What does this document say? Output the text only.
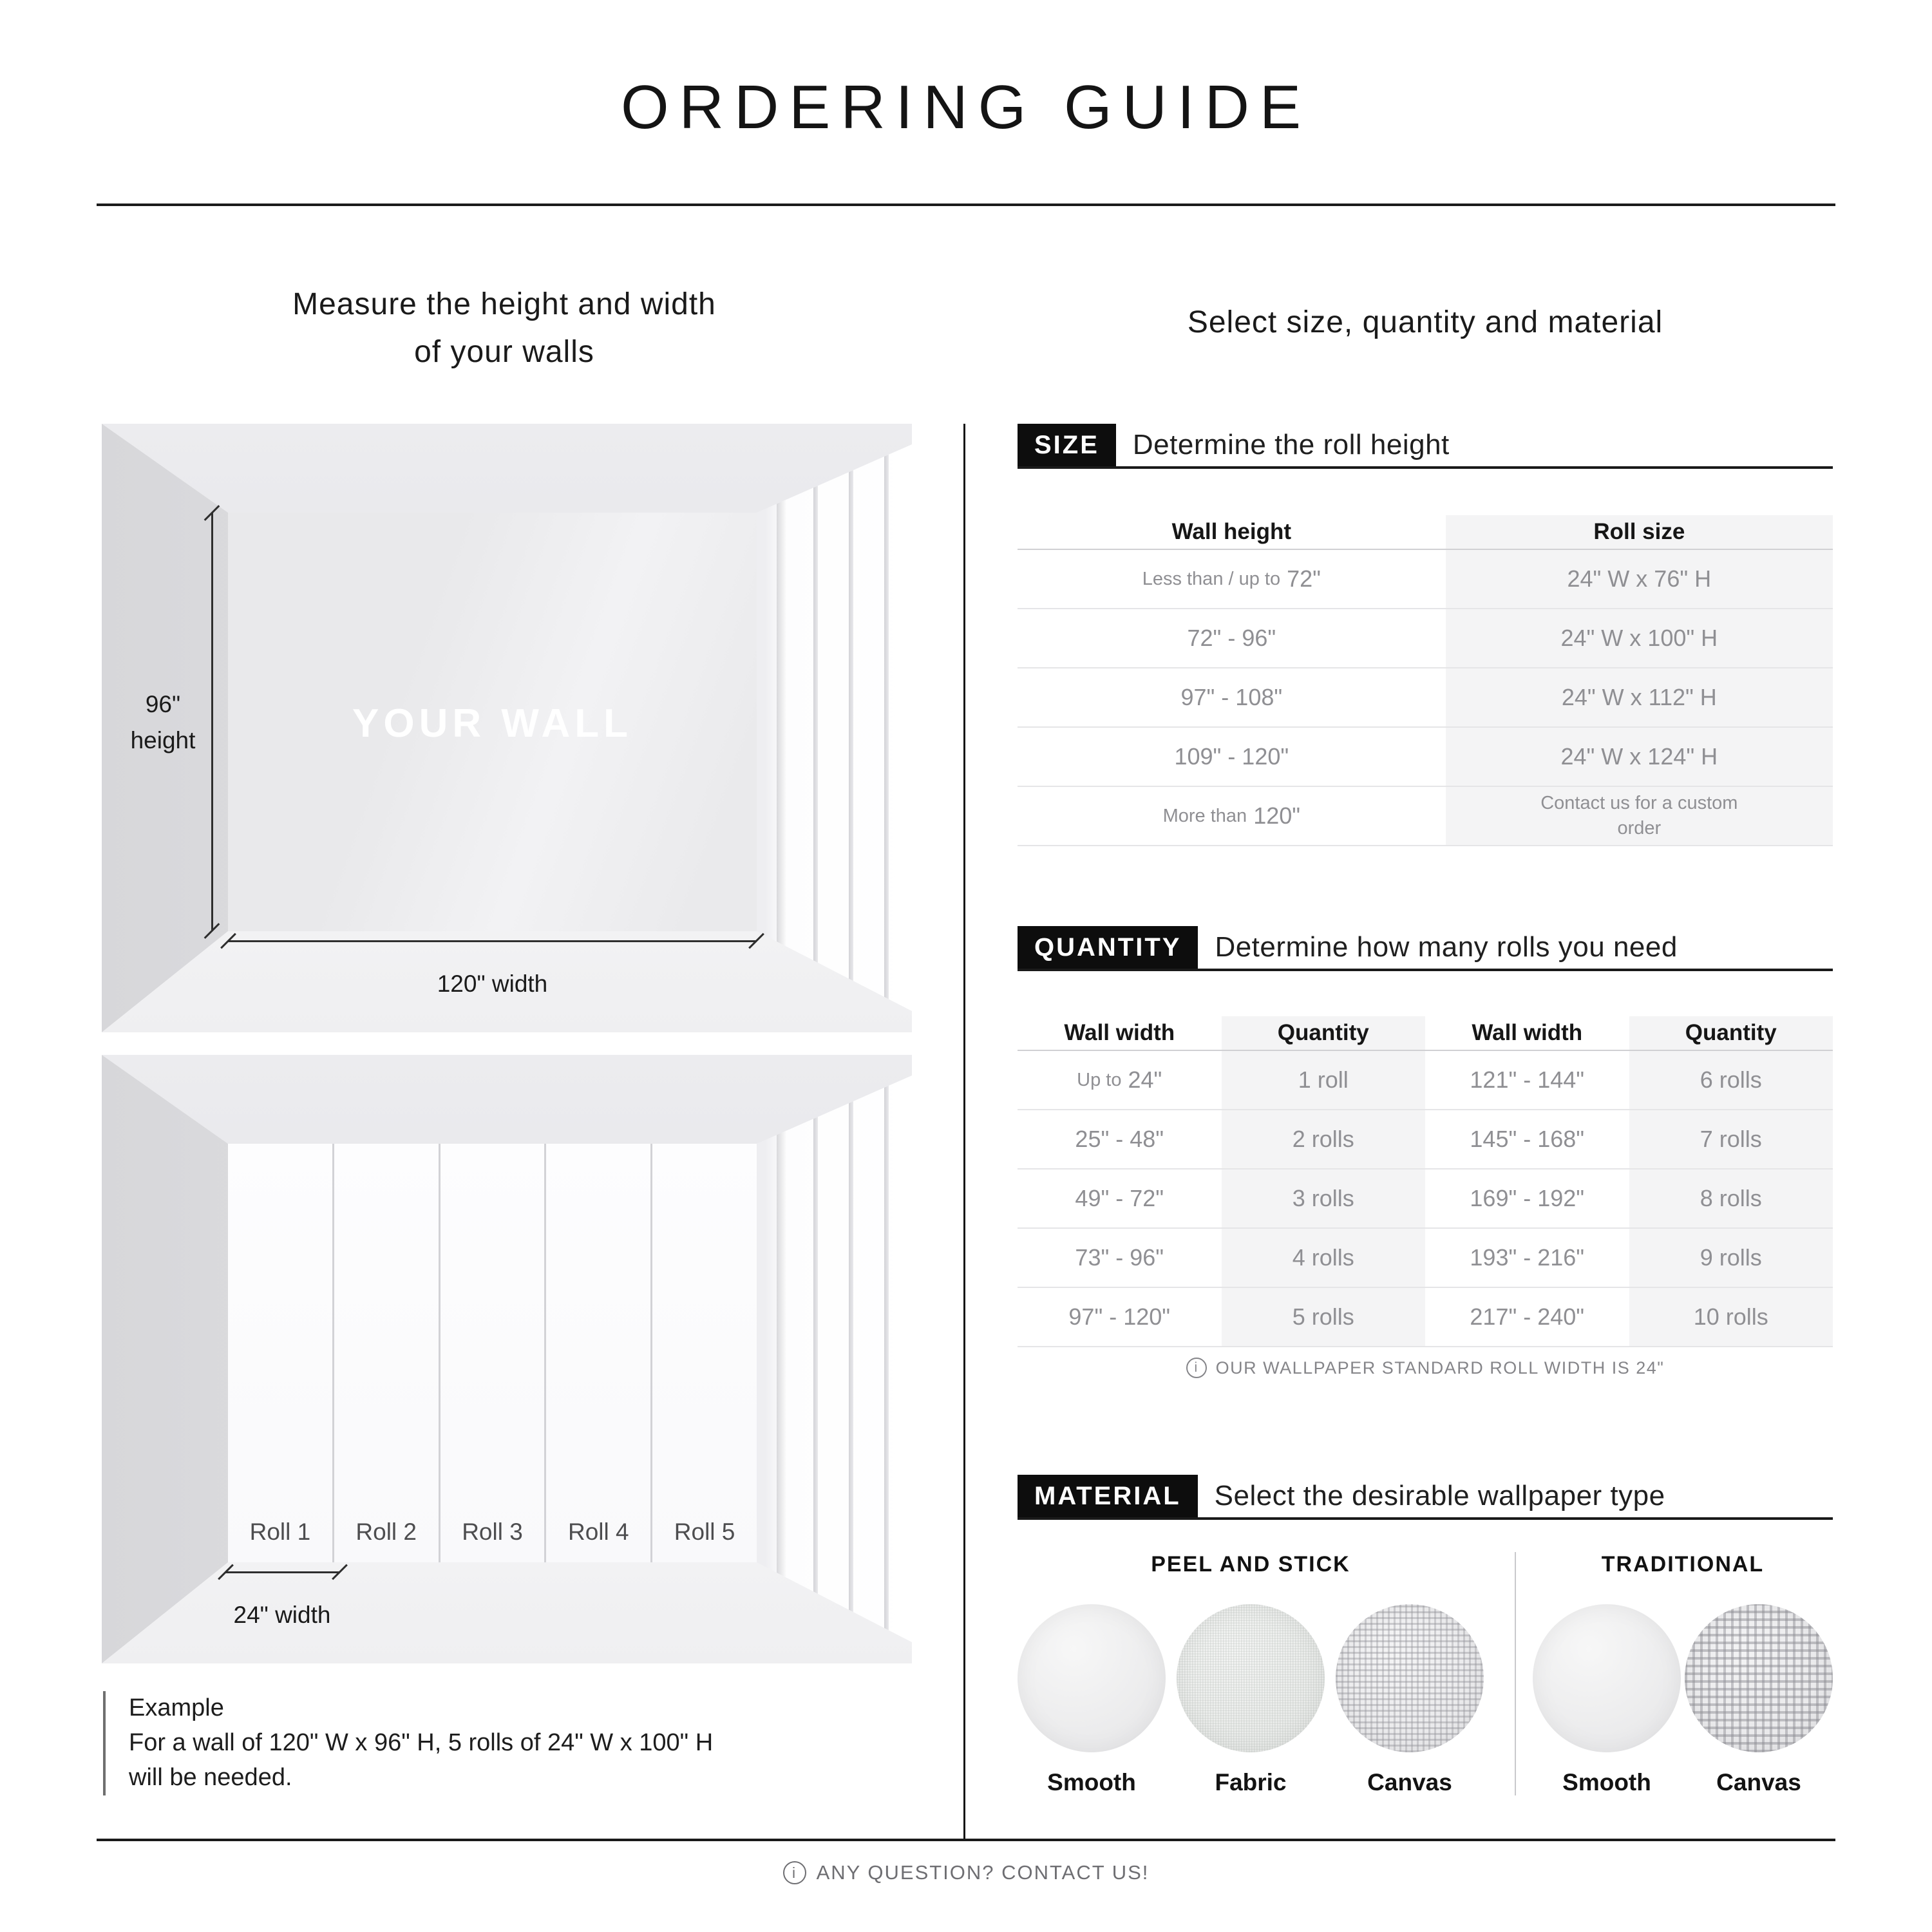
ORDERING GUIDE
Measure the height and width
of your walls
YOUR WALL
96"
height
120" width
Roll 1	Roll 2	Roll 3	Roll 4	Roll 5
24" width
Example
For a wall of 120" W x 96" H, 5 rolls of 24" W x 100" H
will be needed.
Select size, quantity and material
SIZE	Determine the roll height
Wall height	Roll size
Less than / up to 72"	24" W x 76" H
72" - 96"	24" W x 100" H
97" - 108"	24" W x 112" H
109" - 120"	24" W x 124" H
More than 120"	Contact us for a custom order
QUANTITY	Determine how many rolls you need
Wall width	Quantity	Wall width	Quantity
Up to 24"	1 roll	121" - 144"	6 rolls
25" - 48"	2 rolls	145" - 168"	7 rolls
49" - 72"	3 rolls	169" - 192"	8 rolls
73" - 96"	4 rolls	193" - 216"	9 rolls
97" - 120"	5 rolls	217" - 240"	10 rolls
i OUR WALLPAPER STANDARD ROLL WIDTH IS 24"
MATERIAL	Select the desirable wallpaper type
PEEL AND STICK
Smooth	Fabric	Canvas
TRADITIONAL
Smooth	Canvas
i ANY QUESTION? CONTACT US!
